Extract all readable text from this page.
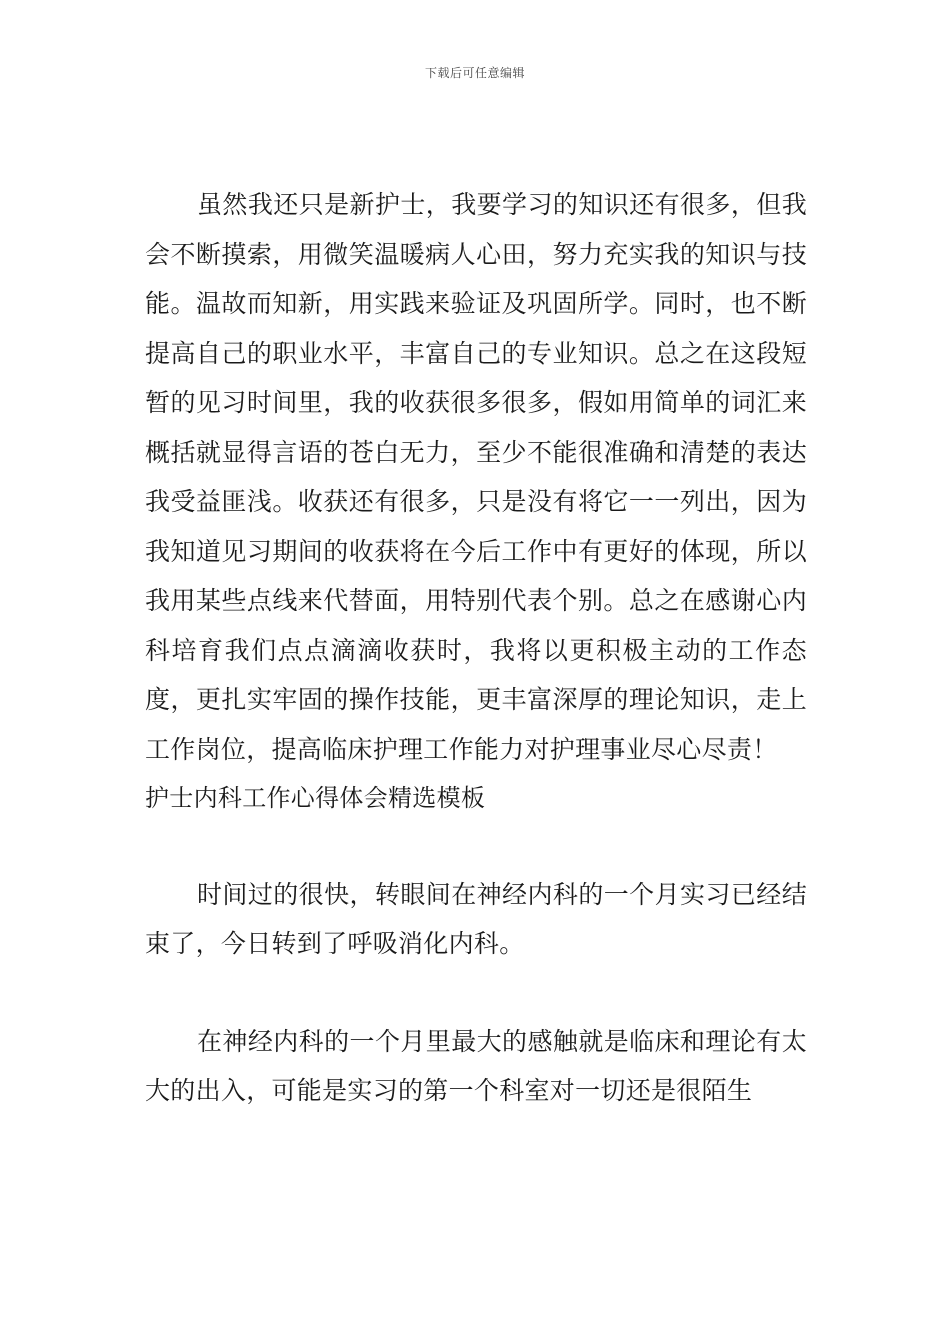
下载后可任意编辑

虽然我还只是新护士，我要学习的知识还有很多，但我会不断摸索，用微笑温暖病人心田，努力充实我的知识与技能。温故而知新，用实践来验证及巩固所学。同时，也不断提高自己的职业水平，丰富自己的专业知识。总之在这段短暂的见习时间里，我的收获很多很多，假如用简单的词汇来概括就显得言语的苍白无力，至少不能很准确和清楚的表达我受益匪浅。收获还有很多，只是没有将它一一列出，因为我知道见习期间的收获将在今后工作中有更好的体现，所以我用某些点线来代替面，用特别代表个别。总之在感谢心内科培育我们点点滴滴收获时，我将以更积极主动的工作态度，更扎实牢固的操作技能，更丰富深厚的理论知识，走上工作岗位，提高临床护理工作能力对护理事业尽心尽责！

护士内科工作心得体会精选模板

时间过的很快，转眼间在神经内科的一个月实习已经结束了，今日转到了呼吸消化内科。

在神经内科的一个月里最大的感触就是临床和理论有太大的出入，可能是实习的第一个科室对一切还是很陌生
